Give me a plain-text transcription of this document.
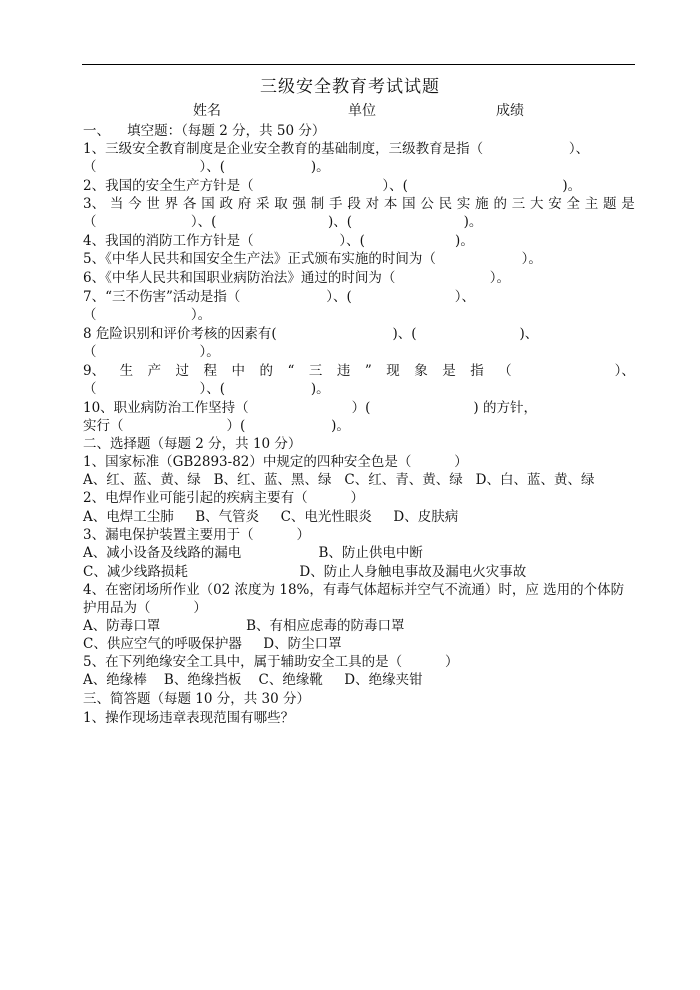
三级安全教育考试试题
姓名	单位	成绩
一、    填空题：（每题 2 分，共 50 分）
1、三级安全教育制度是企业安全教育的基础制度，三级教育是指（                    ）、
（                        ）、(                    )。
2、我国的安全生产方针是（                              ）、(                                    )。
3、 当 今 世 界 各 国 政 府 采 取 强 制 手 段 对 本 国 公 民 实 施 的 三 大 安 全 主 题 是
（                      ）、(                          )、(                          )。
4、我国的消防工作方针是（                    ）、(                     )。
5、《中华人民共和国安全生产法》正式颁布实施的时间为（                    ）。
6、《中华人民共和国职业病防治法》通过的时间为（                      ）。
7、“三不伤害”活动是指（                    ）、(                        ）、
（                      ）。
8 危险识别和评价考核的因素有(                           )、(                        )、
（                        ）。
9、 生 产 过 程 中 的 “ 三 违 ” 现 象 是 指 （                        ）、
（                        ）、(                    )。
10、职业病防治工作坚持（                        ）(                        ) 的方针，
实行（                        ）(                    )。
二、选择题（每题 2 分，共 10 分）
1、国家标准（GB2893-82）中规定的四种安全色是（          ）
A、红、蓝、黄、绿   B、红、蓝、黑、绿   C、红、青、黄、绿   D、白、蓝、黄、绿
2、电焊作业可能引起的疾病主要有（          ）
A、电焊工尘肺     B、气管炎     C、电光性眼炎     D、皮肤病
3、漏电保护装置主要用于（          ）
A、减小设备及线路的漏电                  B、防止供电中断
C、减少线路损耗                          D、防止人身触电事故及漏电火灾事故
4、在密闭场所作业（02 浓度为 18%，有毒气体超标并空气不流通）时，应 选用的个体防
护用品为（          ）
A、防毒口罩                    B、有相应虑毒的防毒口罩
C、供应空气的呼吸保护器     D、防尘口罩
5、在下列绝缘安全工具中，属于辅助安全工具的是（          ）
A、绝缘棒    B、绝缘挡板    C、绝缘靴     D、绝缘夹钳
三、简答题（每题 10 分，共 30 分）
1、操作现场违章表现范围有哪些？
